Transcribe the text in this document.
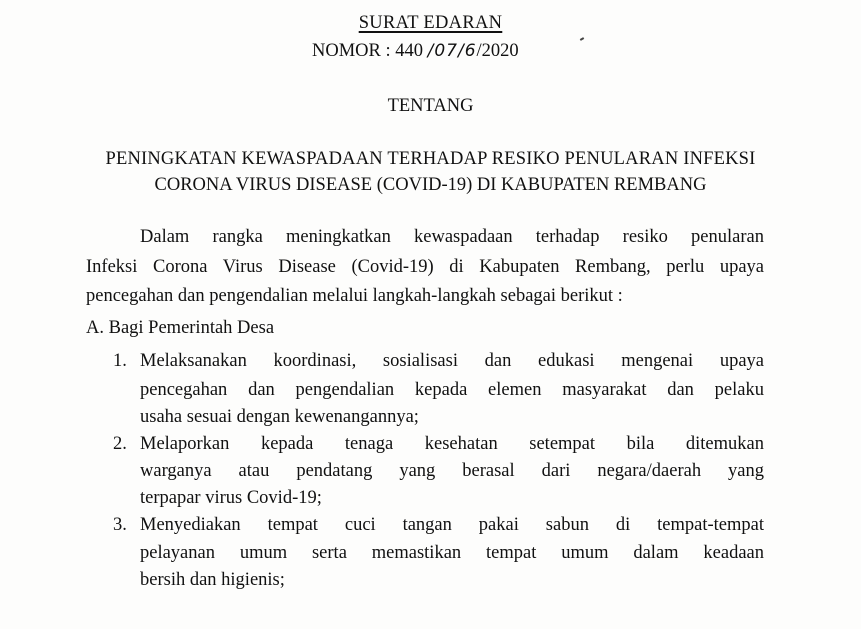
SURAT EDARAN
NOMOR : 440 /07/6/2020
TENTANG
PENINGKATAN KEWASPADAAN TERHADAP RESIKO PENULARAN INFEKSI
CORONA VIRUS DISEASE (COVID-19) DI KABUPATEN REMBANG
Dalam rangka meningkatkan kewaspadaan terhadap resiko penularan
Infeksi Corona Virus Disease (Covid-19) di Kabupaten Rembang, perlu upaya
pencegahan dan pengendalian melalui langkah-langkah sebagai berikut :
A. Bagi Pemerintah Desa
1. Melaksanakan koordinasi, sosialisasi dan edukasi mengenai upaya
pencegahan dan pengendalian kepada elemen masyarakat dan pelaku
usaha sesuai dengan kewenangannya;
2. Melaporkan kepada tenaga kesehatan setempat bila ditemukan
warganya atau pendatang yang berasal dari negara/daerah yang
terpapar virus Covid-19;
3. Menyediakan tempat cuci tangan pakai sabun di tempat-tempat
pelayanan umum serta memastikan tempat umum dalam keadaan
bersih dan higienis;
